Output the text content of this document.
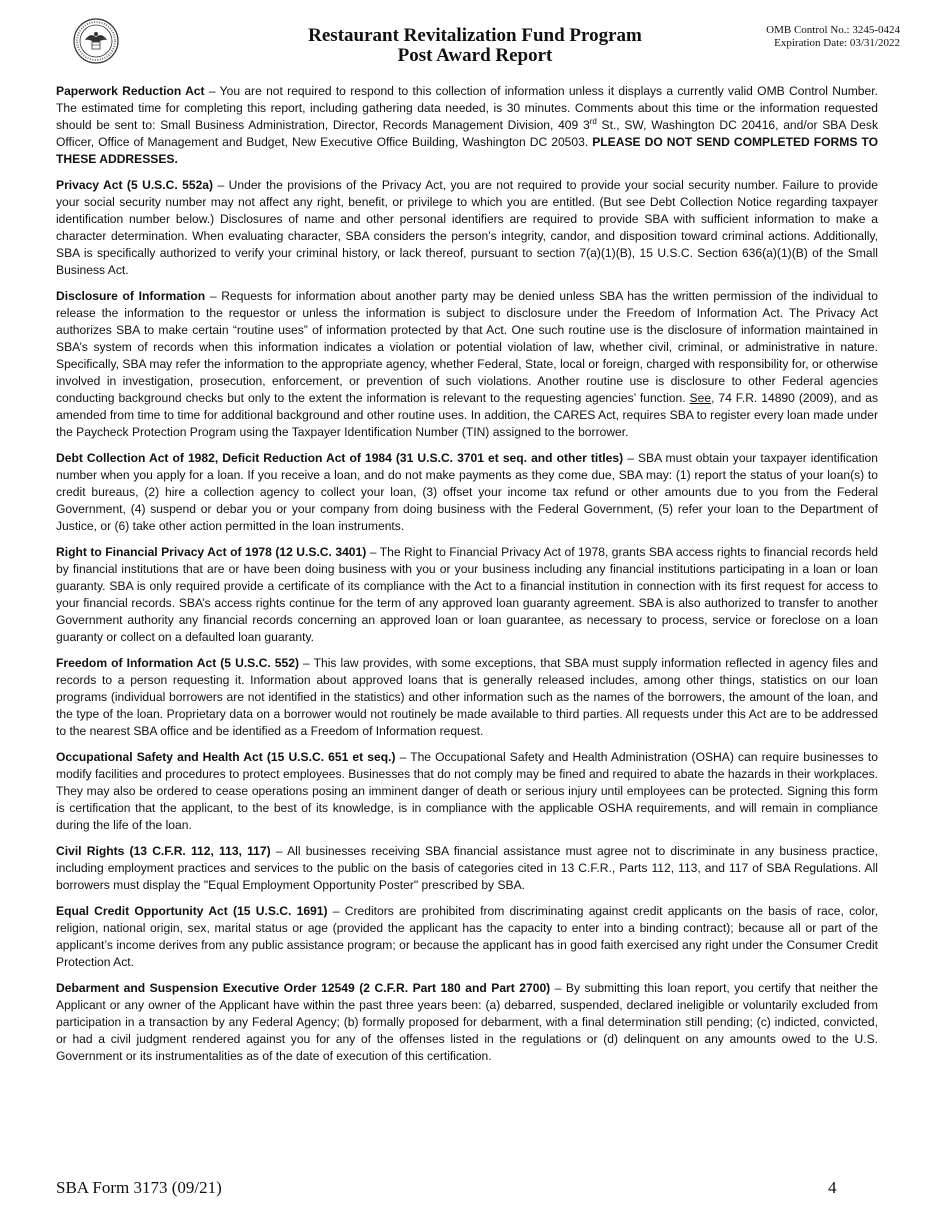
Restaurant Revitalization Fund Program
Post Award Report
OMB Control No.: 3245-0424
Expiration Date: 03/31/2022

Paperwork Reduction Act – You are not required to respond to this collection of information unless it displays a currently valid OMB Control Number. The estimated time for completing this report, including gathering data needed, is 30 minutes. Comments about this time or the information requested should be sent to: Small Business Administration, Director, Records Management Division, 409 3rd St., SW, Washington DC 20416, and/or SBA Desk Officer, Office of Management and Budget, New Executive Office Building, Washington DC 20503. PLEASE DO NOT SEND COMPLETED FORMS TO THESE ADDRESSES.

Privacy Act (5 U.S.C. 552a) – Under the provisions of the Privacy Act, you are not required to provide your social security number. Failure to provide your social security number may not affect any right, benefit, or privilege to which you are entitled. (But see Debt Collection Notice regarding taxpayer identification number below.) Disclosures of name and other personal identifiers are required to provide SBA with sufficient information to make a character determination. When evaluating character, SBA considers the person’s integrity, candor, and disposition toward criminal actions. Additionally, SBA is specifically authorized to verify your criminal history, or lack thereof, pursuant to section 7(a)(1)(B), 15 U.S.C. Section 636(a)(1)(B) of the Small Business Act.

Disclosure of Information – Requests for information about another party may be denied unless SBA has the written permission of the individual to release the information to the requestor or unless the information is subject to disclosure under the Freedom of Information Act. The Privacy Act authorizes SBA to make certain “routine uses” of information protected by that Act. One such routine use is the disclosure of information maintained in SBA’s system of records when this information indicates a violation or potential violation of law, whether civil, criminal, or administrative in nature. Specifically, SBA may refer the information to the appropriate agency, whether Federal, State, local or foreign, charged with responsibility for, or otherwise involved in investigation, prosecution, enforcement, or prevention of such violations. Another routine use is disclosure to other Federal agencies conducting background checks but only to the extent the information is relevant to the requesting agencies’ function. See, 74 F.R. 14890 (2009), and as amended from time to time for additional background and other routine uses. In addition, the CARES Act, requires SBA to register every loan made under the Paycheck Protection Program using the Taxpayer Identification Number (TIN) assigned to the borrower.

Debt Collection Act of 1982, Deficit Reduction Act of 1984 (31 U.S.C. 3701 et seq. and other titles) – SBA must obtain your taxpayer identification number when you apply for a loan. If you receive a loan, and do not make payments as they come due, SBA may: (1) report the status of your loan(s) to credit bureaus, (2) hire a collection agency to collect your loan, (3) offset your income tax refund or other amounts due to you from the Federal Government, (4) suspend or debar you or your company from doing business with the Federal Government, (5) refer your loan to the Department of Justice, or (6) take other action permitted in the loan instruments.

Right to Financial Privacy Act of 1978 (12 U.S.C. 3401) – The Right to Financial Privacy Act of 1978, grants SBA access rights to financial records held by financial institutions that are or have been doing business with you or your business including any financial institutions participating in a loan or loan guaranty. SBA is only required provide a certificate of its compliance with the Act to a financial institution in connection with its first request for access to your financial records. SBA’s access rights continue for the term of any approved loan guaranty agreement. SBA is also authorized to transfer to another Government authority any financial records concerning an approved loan or loan guarantee, as necessary to process, service or foreclose on a loan guaranty or collect on a defaulted loan guaranty.

Freedom of Information Act (5 U.S.C. 552) – This law provides, with some exceptions, that SBA must supply information reflected in agency files and records to a person requesting it. Information about approved loans that is generally released includes, among other things, statistics on our loan programs (individual borrowers are not identified in the statistics) and other information such as the names of the borrowers, the amount of the loan, and the type of the loan. Proprietary data on a borrower would not routinely be made available to third parties. All requests under this Act are to be addressed to the nearest SBA office and be identified as a Freedom of Information request.

Occupational Safety and Health Act (15 U.S.C. 651 et seq.) – The Occupational Safety and Health Administration (OSHA) can require businesses to modify facilities and procedures to protect employees. Businesses that do not comply may be fined and required to abate the hazards in their workplaces. They may also be ordered to cease operations posing an imminent danger of death or serious injury until employees can be protected. Signing this form is certification that the applicant, to the best of its knowledge, is in compliance with the applicable OSHA requirements, and will remain in compliance during the life of the loan.

Civil Rights (13 C.F.R. 112, 113, 117) – All businesses receiving SBA financial assistance must agree not to discriminate in any business practice, including employment practices and services to the public on the basis of categories cited in 13 C.F.R., Parts 112, 113, and 117 of SBA Regulations. All borrowers must display the "Equal Employment Opportunity Poster" prescribed by SBA.

Equal Credit Opportunity Act (15 U.S.C. 1691) – Creditors are prohibited from discriminating against credit applicants on the basis of race, color, religion, national origin, sex, marital status or age (provided the applicant has the capacity to enter into a binding contract); because all or part of the applicant’s income derives from any public assistance program; or because the applicant has in good faith exercised any right under the Consumer Credit Protection Act.

Debarment and Suspension Executive Order 12549 (2 C.F.R. Part 180 and Part 2700) – By submitting this loan report, you certify that neither the Applicant or any owner of the Applicant have within the past three years been: (a) debarred, suspended, declared ineligible or voluntarily excluded from participation in a transaction by any Federal Agency; (b) formally proposed for debarment, with a final determination still pending; (c) indicted, convicted, or had a civil judgment rendered against you for any of the offenses listed in the regulations or (d) delinquent on any amounts owed to the U.S. Government or its instrumentalities as of the date of execution of this certification.

SBA Form 3173 (09/21)	4
